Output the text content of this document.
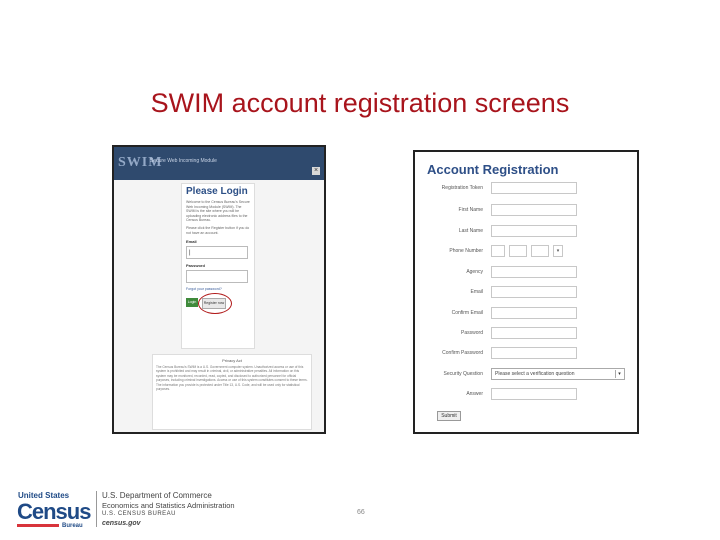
SWIM account registration screens
SWIM
Secure Web Incoming Module
×
Please Login
Welcome to the Census Bureau's Secure Web Incoming Module (SWIM). The SWIM is the site where you will be uploading electronic address files to the Census Bureau.
Please click the Register button if you do not have an account.
Email
|
Password
Forgot your password?
Login	Register now
Privacy Act
The Census Bureau's SWIM is a U.S. Government computer system. Unauthorized access or use of this system is prohibited and may result in criminal, civil, or administrative penalties. All information on this system may be monitored, recorded, read, copied, and disclosed to authorized personnel for official purposes, including criminal investigations. Access or use of this system constitutes consent to these terms. The information you provide is protected under Title 13, U.S. Code, and will be used only for statistical purposes.
Account Registration
Registration Token
First Name
Last Name
Phone Number	▾
Agency
Email
Confirm Email
Password
Confirm Password
Security Question	Please select a verification question	▾
Answer
Submit
United States
Census
Bureau
U.S. Department of Commerce
Economics and Statistics Administration
U.S. CENSUS BUREAU
census.gov
66
